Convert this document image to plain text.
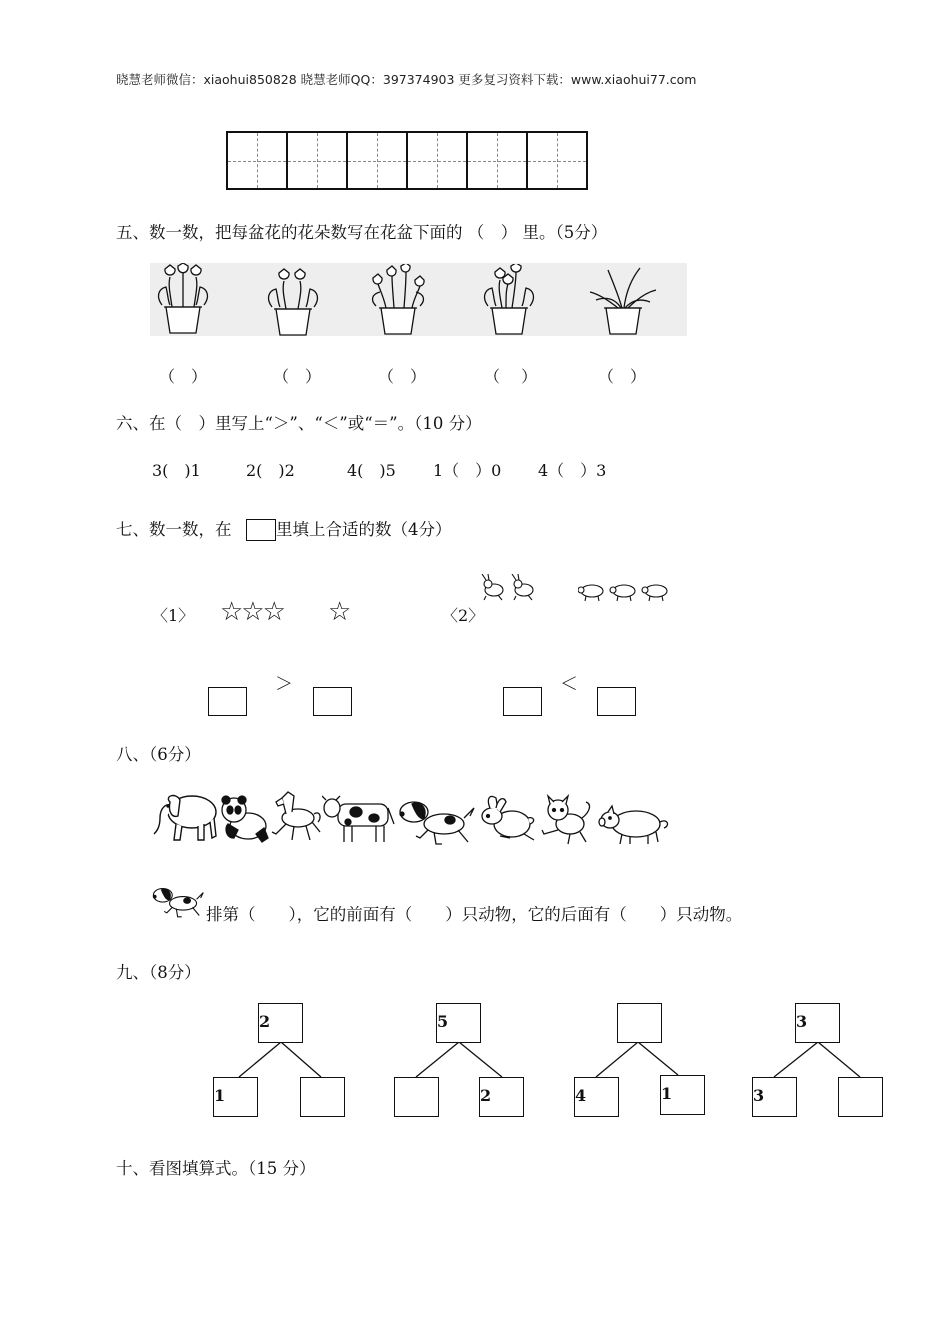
晓慧老师微信：xiaohui850828 晓慧老师QQ：397374903 更多复习资料下载：www.xiaohui77.com
五、数一数，把每盆花的花朵数写在花盆下面的 （　） 里。（5分）
（　）	（　）	（　）	（　 ）	（　）
六、在（　）里写上“＞”、“＜”或“＝”。（10 分）
3(　)1	2(　)2	4(　)5 1（　）0 4（　）3
七、数一数，在	里填上合适的数（4分）
〈1〉 ☆☆☆ ☆	〈2〉
＞	＜
八、（6分）
排第（　　），它的前面有（　　）只动物，它的后面有（　　）只动物。
九、（8分）
2
1
5
2	4	1
3
3
十、看图填算式。（15 分）
